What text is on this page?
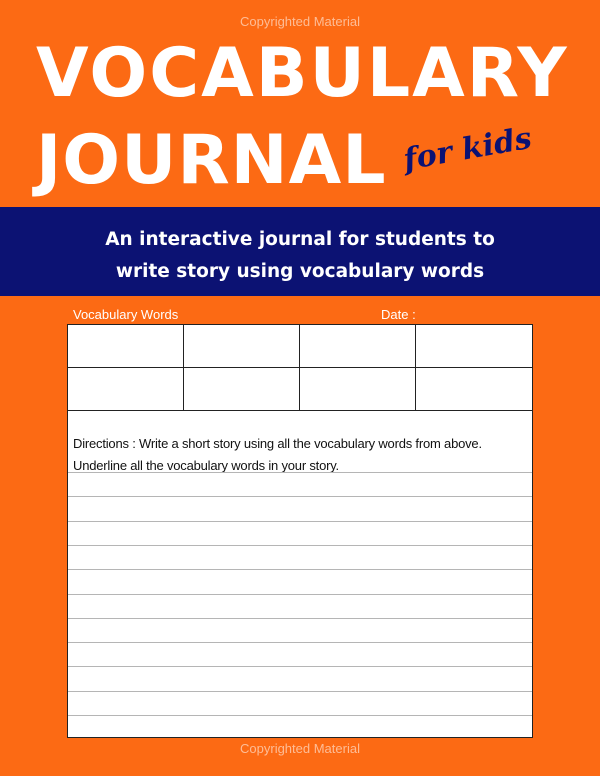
Copyrighted Material
VOCABULARY
JOURNAL for kids
An interactive journal for students to
write story using vocabulary words
Vocabulary Words	Date :
Directions : Write a short story using all the vocabulary words from above.
Underline all the vocabulary words in your story.
Copyrighted Material
